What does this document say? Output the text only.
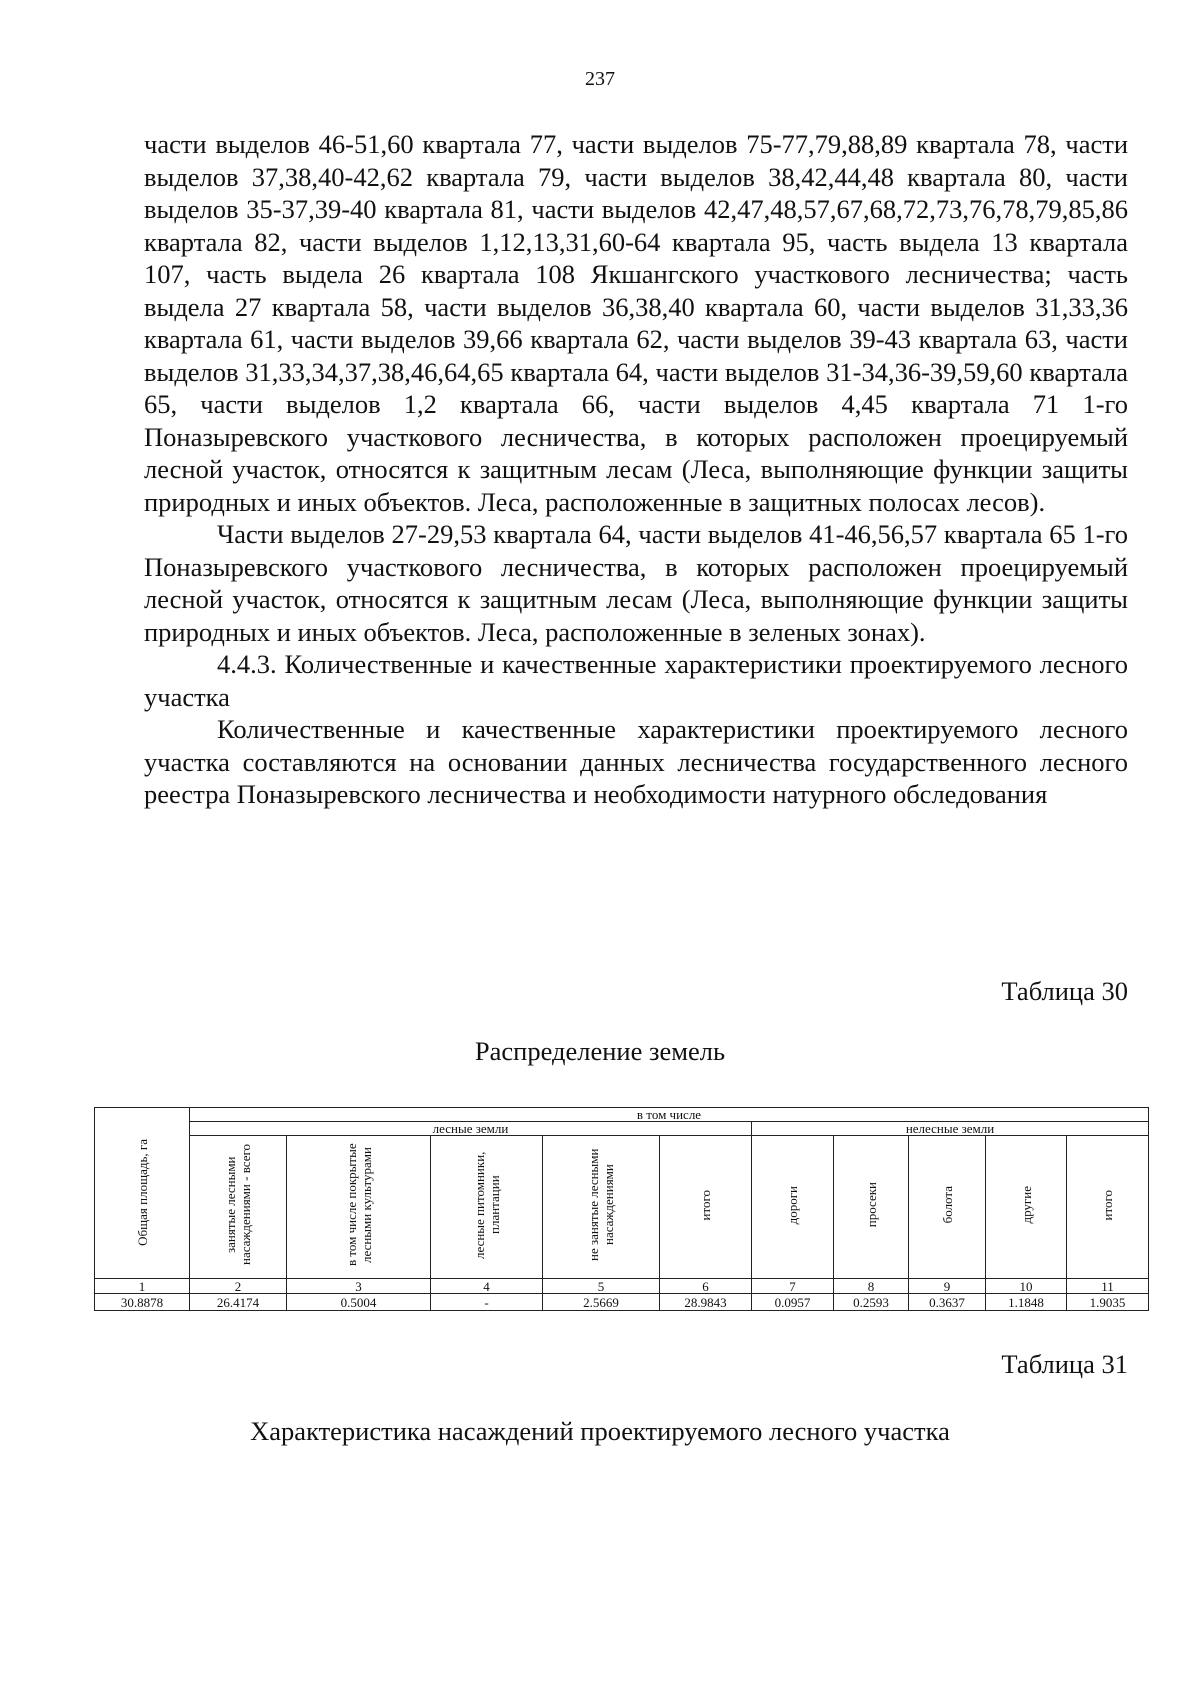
237

части выделов 46-51,60 квартала 77, части выделов 75-77,79,88,89 квартала 78, части выделов 37,38,40-42,62 квартала 79, части выделов 38,42,44,48 квартала 80, части выделов 35-37,39-40 квартала 81, части выделов 42,47,48,57,67,68,72,73,76,78,79,85,86 квартала 82, части выделов 1,12,13,31,60-64 квартала 95, часть выдела 13 квартала 107, часть выдела 26 квартала 108 Якшангского участкового лесничества; часть выдела 27 квартала 58, части выделов 36,38,40 квартала 60, части выделов 31,33,36 квартала 61, части выделов 39,66 квартала 62, части выделов 39-43 квартала 63, части выделов 31,33,34,37,38,46,64,65 квартала 64, части выделов 31-34,36-39,59,60 квартала 65, части выделов 1,2 квартала 66, части выделов 4,45 квартала 71 1-го Поназыревского участкового лесничества, в которых расположен проецируемый лесной участок, относятся к защитным лесам (Леса, выполняющие функции защиты природных и иных объектов. Леса, расположенные в защитных полосах лесов).

Части выделов 27-29,53 квартала 64, части выделов 41-46,56,57 квартала 65 1-го Поназыревского участкового лесничества, в которых расположен проецируемый лесной участок, относятся к защитным лесам (Леса, выполняющие функции защиты природных и иных объектов. Леса, расположенные в зеленых зонах).

4.4.3. Количественные и качественные характеристики проектируемого лесного участка

Количественные и качественные характеристики проектируемого лесного участка составляются на основании данных лесничества государственного лесного реестра Поназыревского лесничества и необходимости натурного обследования

Таблица 30
Распределение земель
Общая площадь, га	в том числе									
	лесные земли					нелесные земли				
	занятые лесными насаждениями - всего	в том числе покрытые лесными культурами	лесные питомники, плантации	не занятые лесными насаждениями	итого	дороги	просеки	болота	другие	итого
1	2	3	4	5	6	7	8	9	10	11
30.8878	26.4174	0.5004	-	2.5669	28.9843	0.0957	0.2593	0.3637	1.1848	1.9035
Таблица 31
Характеристика насаждений проектируемого лесного участка
